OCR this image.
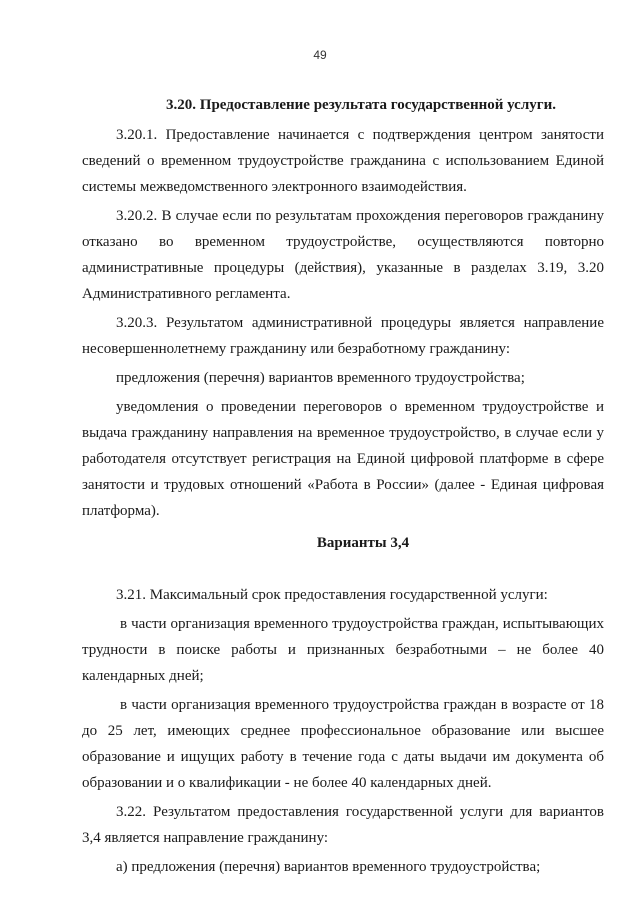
49
3.20. Предоставление результата государственной услуги.

3.20.1. Предоставление начинается с подтверждения центром занятости сведений о временном трудоустройстве гражданина с использованием Единой системы межведомственного электронного взаимодействия.

3.20.2. В случае если по результатам прохождения переговоров гражданину отказано во временном трудоустройстве, осуществляются повторно административные процедуры (действия), указанные в разделах 3.19, 3.20 Административного регламента.

3.20.3. Результатом административной процедуры является направление несовершеннолетнему гражданину или безработному гражданину:

предложения (перечня) вариантов временного трудоустройства;

уведомления о проведении переговоров о временном трудоустройстве и выдача гражданину направления на временное трудоустройство, в случае если у работодателя отсутствует регистрация на Единой цифровой платформе в сфере занятости и трудовых отношений «Работа в России» (далее - Единая цифровая платформа).

Варианты 3,4

3.21. Максимальный срок предоставления государственной услуги:

в части организация временного трудоустройства граждан, испытывающих трудности в поиске работы и признанных безработными – не более 40 календарных дней;

в части организация временного трудоустройства граждан в возрасте от 18 до 25 лет, имеющих среднее профессиональное образование или высшее образование и ищущих работу в течение года с даты выдачи им документа об образовании и о квалификации - не более 40 календарных дней.

3.22. Результатом предоставления государственной услуги для вариантов 3,4 является направление гражданину:

а) предложения (перечня) вариантов временного трудоустройства;
